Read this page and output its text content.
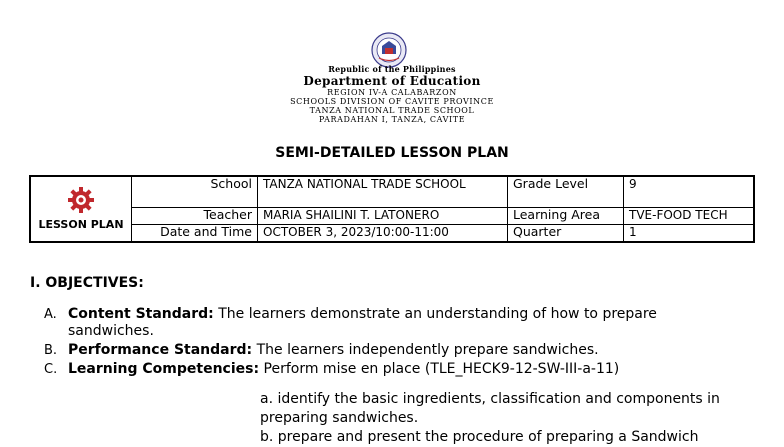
Republic of the Philippines
Department of Education
REGION IV-A CALABARZON
SCHOOLS DIVISION OF CAVITE PROVINCE
TANZA NATIONAL TRADE SCHOOL
PARADAHAN I, TANZA, CAVITE
SEMI-DETAILED LESSON PLAN
LESSON PLAN	School	TANZA NATIONAL TRADE SCHOOL	Grade Level	9
	Teacher	MARIA SHAILINI T. LATONERO	Learning Area	TVE-FOOD TECH
	Date and Time	OCTOBER 3, 2023/10:00-11:00	Quarter	1
I. OBJECTIVES:
A. Content Standard: The learners demonstrate an understanding of how to prepare sandwiches.
B. Performance Standard: The learners independently prepare sandwiches.
C. Learning Competencies: Perform mise en place (TLE_HECK9-12-SW-III-a-11)
a. identify the basic ingredients, classification and components in preparing sandwiches.
b. prepare and present the procedure of preparing a Sandwich
